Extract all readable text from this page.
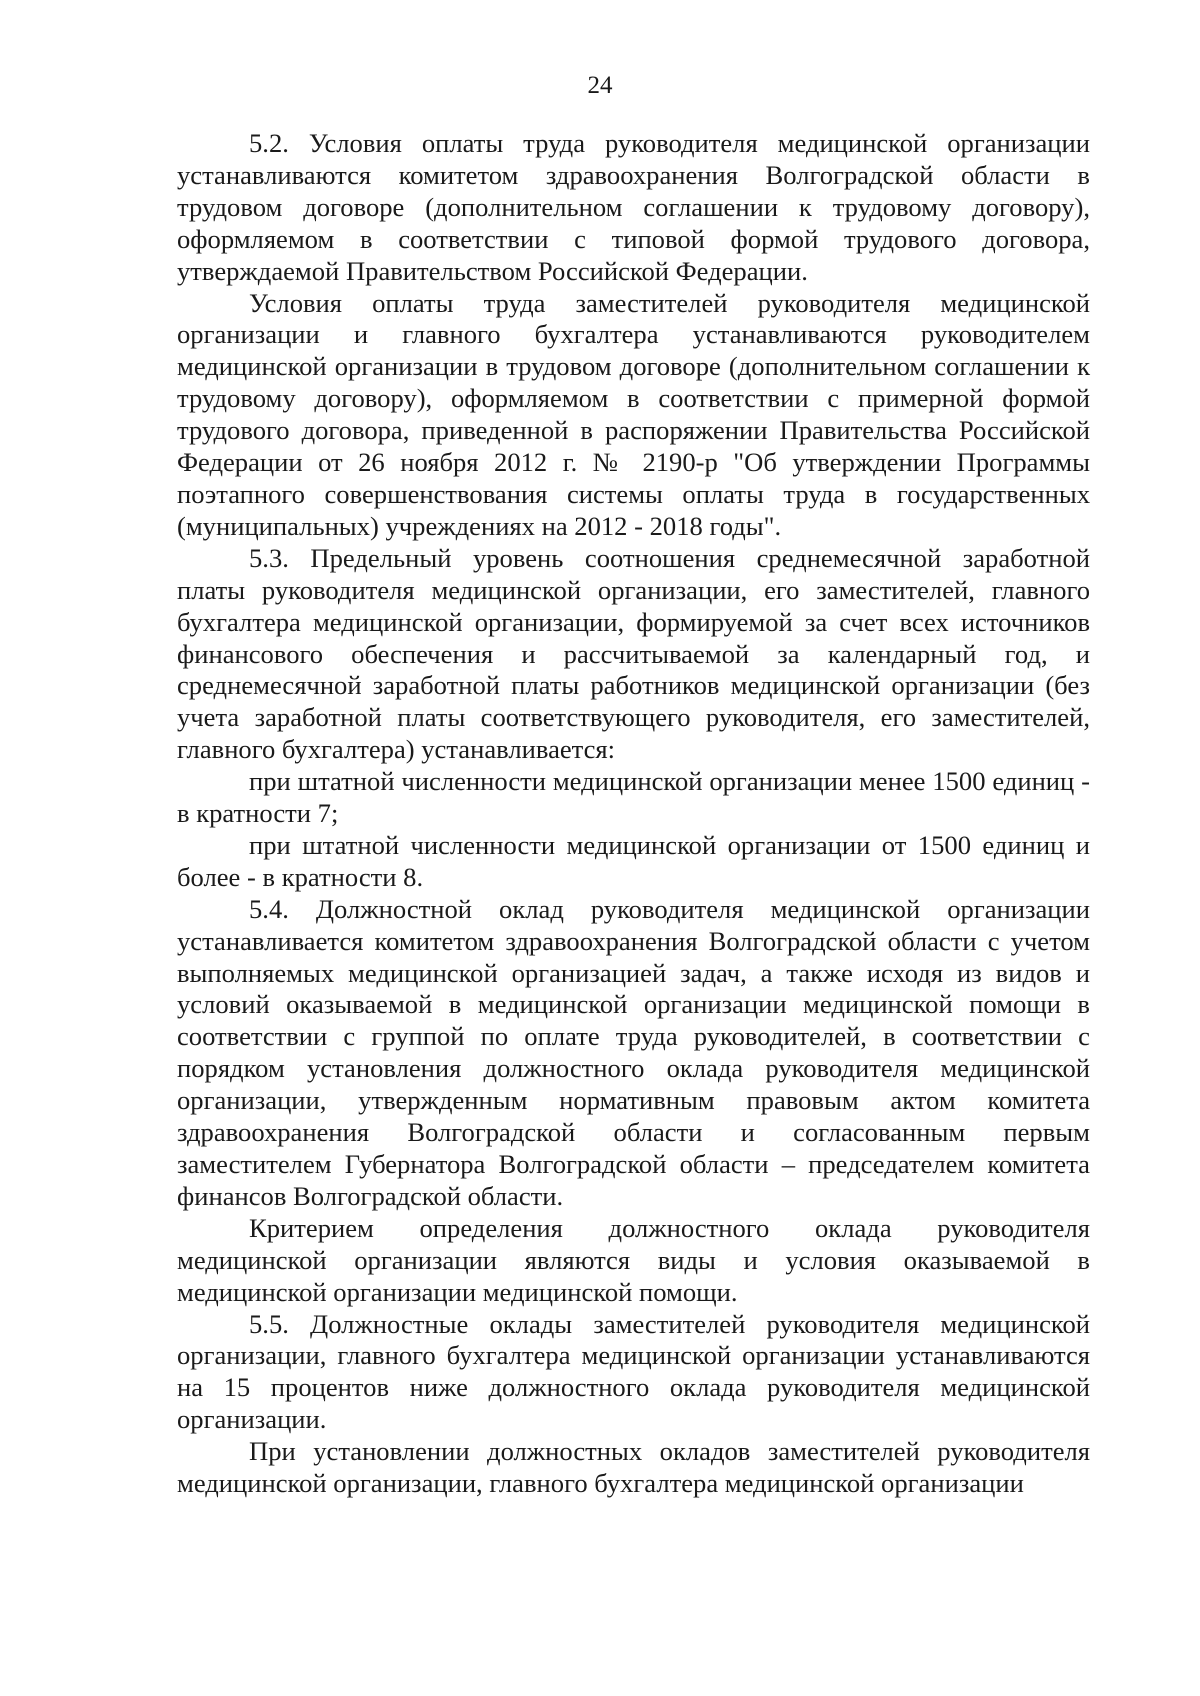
24

5.2. Условия оплаты труда руководителя медицинской организации устанавливаются комитетом здравоохранения Волгоградской области в трудовом договоре (дополнительном соглашении к трудовому договору), оформляемом в соответствии с типовой формой трудового договора, утверждаемой Правительством Российской Федерации.

Условия оплаты труда заместителей руководителя медицинской организации и главного бухгалтера устанавливаются руководителем медицинской организации в трудовом договоре (дополнительном соглашении к трудовому договору), оформляемом в соответствии с примерной формой трудового договора, приведенной в распоряжении Правительства Российской Федерации от 26 ноября 2012 г. № 2190-р "Об утверждении Программы поэтапного совершенствования системы оплаты труда в государственных (муниципальных) учреждениях на 2012 - 2018 годы".

5.3. Предельный уровень соотношения среднемесячной заработной платы руководителя медицинской организации, его заместителей, главного бухгалтера медицинской организации, формируемой за счет всех источников финансового обеспечения и рассчитываемой за календарный год, и среднемесячной заработной платы работников медицинской организации (без учета заработной платы соответствующего руководителя, его заместителей, главного бухгалтера) устанавливается:

при штатной численности медицинской организации менее 1500 единиц - в кратности 7;

при штатной численности медицинской организации от 1500 единиц и более - в кратности 8.

5.4. Должностной оклад руководителя медицинской организации устанавливается комитетом здравоохранения Волгоградской области с учетом выполняемых медицинской организацией задач, а также исходя из видов и условий оказываемой в медицинской организации медицинской помощи в соответствии с группой по оплате труда руководителей, в соответствии с порядком установления должностного оклада руководителя медицинской организации, утвержденным нормативным правовым актом комитета здравоохранения Волгоградской области и согласованным первым заместителем Губернатора Волгоградской области – председателем комитета финансов Волгоградской области.

Критерием определения должностного оклада руководителя медицинской организации являются виды и условия оказываемой в медицинской организации медицинской помощи.

5.5. Должностные оклады заместителей руководителя медицинской организации, главного бухгалтера медицинской организации устанавливаются на 15 процентов ниже должностного оклада руководителя медицинской организации.

При установлении должностных окладов заместителей руководителя медицинской организации, главного бухгалтера медицинской организации
